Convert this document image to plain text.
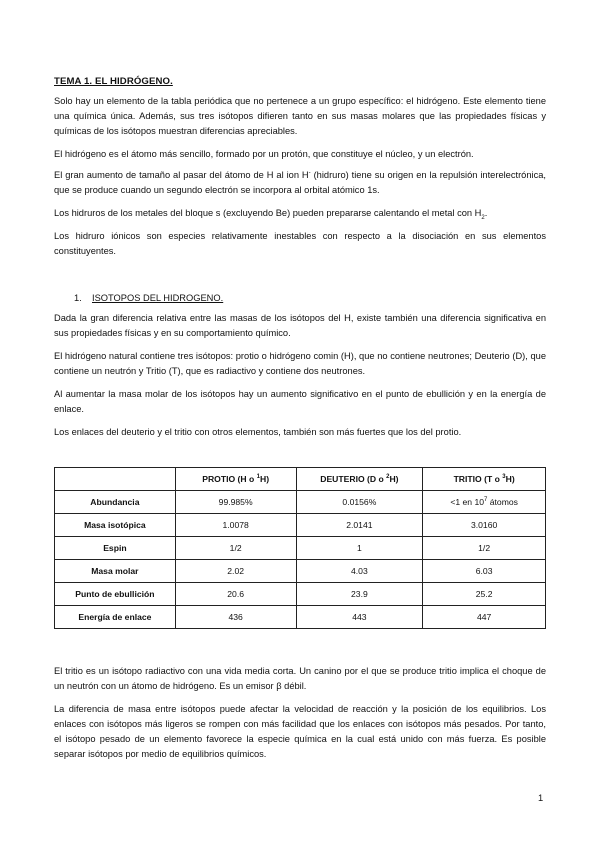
TEMA 1. EL HIDRÓGENO.

Solo hay un elemento de la tabla periódica que no pertenece a un grupo específico: el hidrógeno. Este elemento tiene una química única. Además, sus tres isótopos difieren tanto en sus masas molares que las propiedades físicas y químicas de los isótopos muestran diferencias apreciables.

El hidrógeno es el átomo más sencillo, formado por un protón, que constituye el núcleo, y un electrón.

El gran aumento de tamaño al pasar del átomo de H al ion H- (hidruro) tiene su origen en la repulsión interelectrónica, que se produce cuando un segundo electrón se incorpora al orbital atómico 1s.

Los hidruros de los metales del bloque s (excluyendo Be) pueden prepararse calentando el metal con $H_2$.

Los hidruro iónicos son especies relativamente inestables con respecto a la disociación en sus elementos constituyentes.

1. ISOTOPOS DEL HIDROGENO.

Dada la gran diferencia relativa entre las masas de los isótopos del H, existe también una diferencia significativa en sus propiedades físicas y en su comportamiento químico.

El hidrógeno natural contiene tres isótopos: protio o hidrógeno comin (H), que no contiene neutrones; Deuterio (D), que contiene un neutrón y Tritio (T), que es radiactivo y contiene dos neutrones.

Al aumentar la masa molar de los isótopos hay un aumento significativo en el punto de ebullición y en la energía de enlace.

Los enlaces del deuterio y el tritio con otros elementos, también son más fuertes que los del protio.

	PROTIO (H o $^1$H)	DEUTERIO (D o $^2$H)	TRITIO (T o $^3$H)
Abundancia	99.985%	0.0156%	<1 en $10^7$ átomos
Masa isotópica	1.0078	2.0141	3.0160
Espin	1/2	1	1/2
Masa molar	2.02	4.03	6.03
Punto de ebullición	20.6	23.9	25.2
Energía de enlace	436	443	447

El tritio es un isótopo radiactivo con una vida media corta. Un canino por el que se produce tritio implica el choque de un neutrón con un átomo de hidrógeno. Es un emisor β débil.

La diferencia de masa entre isótopos puede afectar la velocidad de reacción y la posición de los equilibrios. Los enlaces con isótopos más ligeros se rompen con más facilidad que los enlaces con isótopos más pesados. Por tanto, el isótopo pesado de un elemento favorece la especie química en la cual está unido con más fuerza. Es posible separar isótopos por medio de equilibrios químicos.

1
